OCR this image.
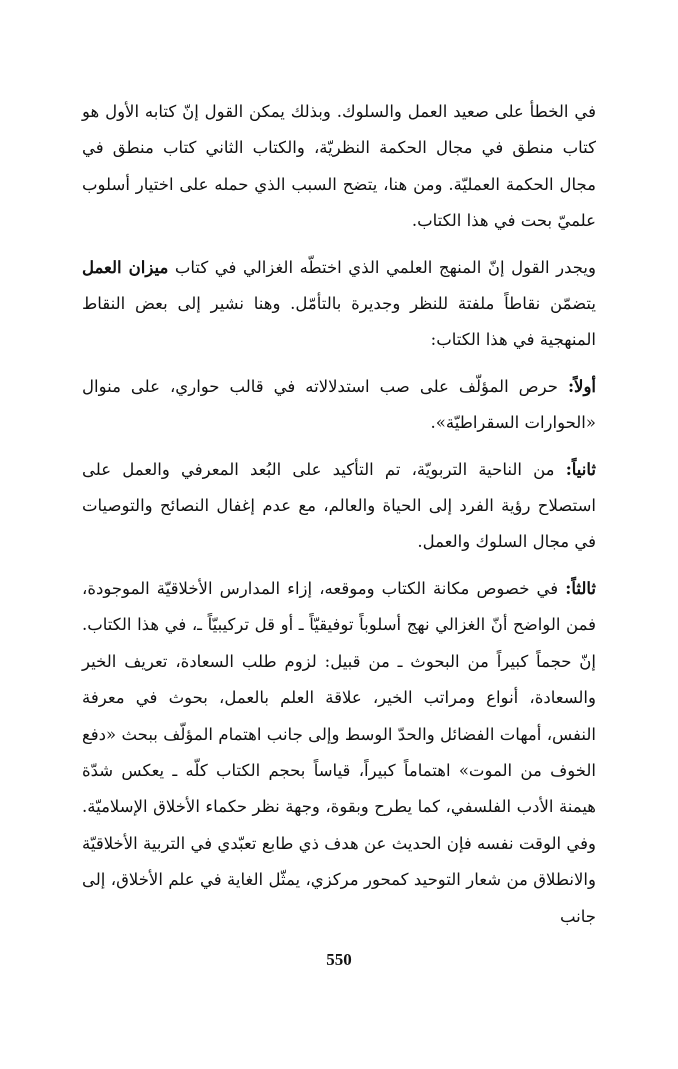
في الخطأ على صعيد العمل والسلوك. وبذلك يمكن القول إنّ كتابه الأول هو كتاب منطق في مجال الحكمة النظريّة، والكتاب الثاني كتاب منطق في مجال الحكمة العمليّة. ومن هنا، يتضح السبب الذي حمله على اختيار أسلوب علميّ بحت في هذا الكتاب.

ويجدر القول إنّ المنهج العلمي الذي اختطّه الغزالي في كتاب ميزان العمل يتضمّن نقاطاً ملفتة للنظر وجديرة بالتأمّل. وهنا نشير إلى بعض النقاط المنهجية في هذا الكتاب:

أولاً: حرص المؤلّف على صب استدلالاته في قالب حواري، على منوال «الحوارات السقراطيّة».

ثانياً: من الناحية التربويّة، تم التأكيد على البُعد المعرفي والعمل على استصلاح رؤية الفرد إلى الحياة والعالم، مع عدم إغفال النصائح والتوصيات في مجال السلوك والعمل.

ثالثاً: في خصوص مكانة الكتاب وموقعه، إزاء المدارس الأخلاقيّة الموجودة، فمن الواضح أنّ الغزالي نهج أسلوباً توفيقيّاً ـ أو قل تركيبيّاً ـ، في هذا الكتاب. إنّ حجماً كبيراً من البحوث ـ من قبيل: لزوم طلب السعادة، تعريف الخير والسعادة، أنواع ومراتب الخير، علاقة العلم بالعمل، بحوث في معرفة النفس، أمهات الفضائل والحدّ الوسط وإلى جانب اهتمام المؤلّف ببحث «دفع الخوف من الموت» اهتماماً كبيراً، قياساً بحجم الكتاب كلّه ـ يعكس شدّة هيمنة الأدب الفلسفي، كما يطرح وبقوة، وجهة نظر حكماء الأخلاق الإسلاميّة. وفي الوقت نفسه فإن الحديث عن هدف ذي طابع تعبّدي في التربية الأخلاقيّة والانطلاق من شعار التوحيد كمحور مركزي، يمثّل الغاية في علم الأخلاق، إلى جانب

550
